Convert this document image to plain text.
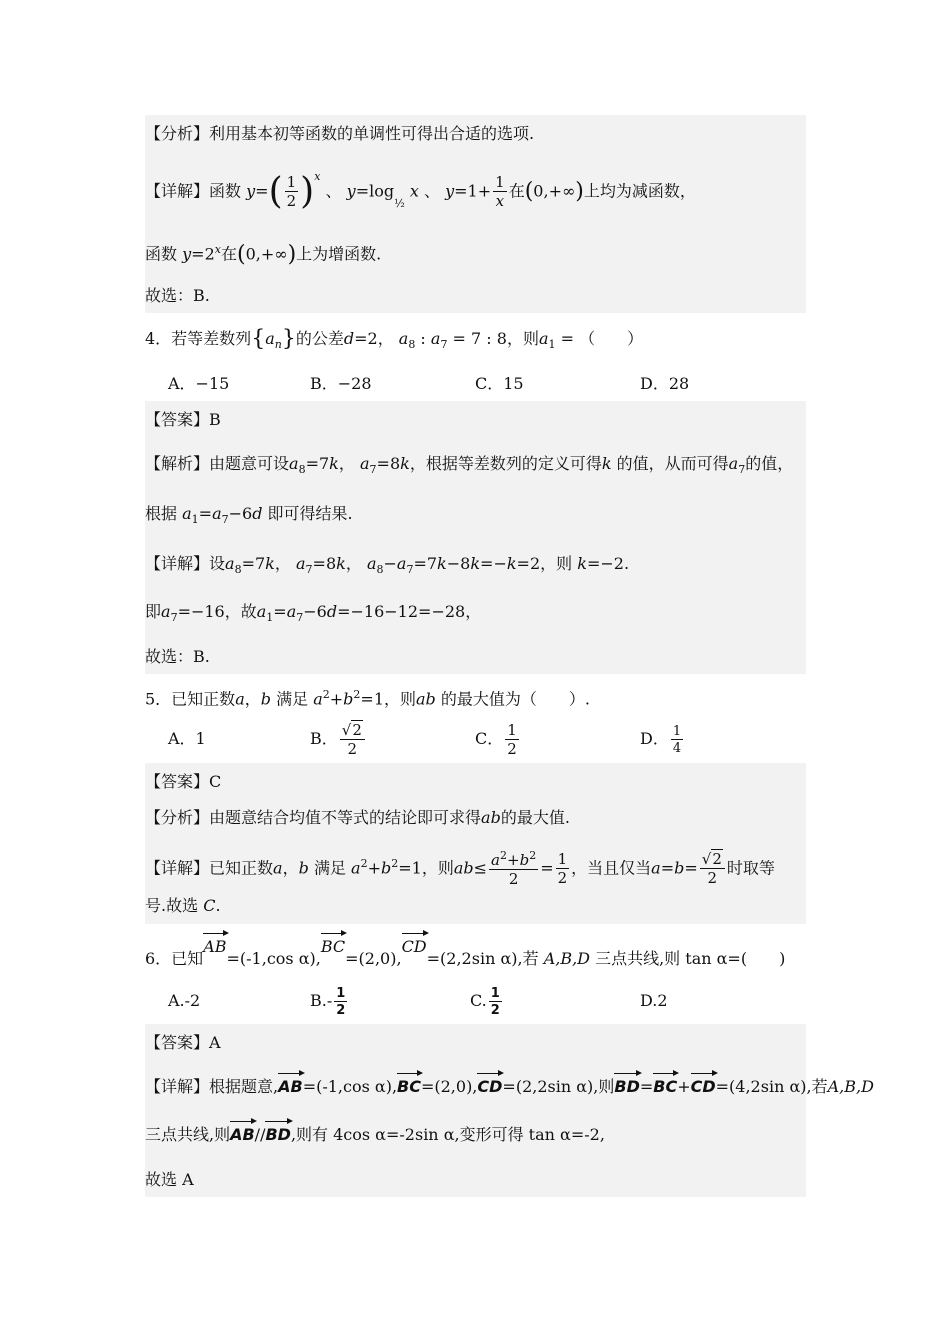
【分析】利用基本初等函数的单调性可得出合适的选项.
【详解】函数 $y=( \frac{1}{2} )^x$ 、 $y=\log_{\frac{1}{2}}$ x 、 $y=1+ \frac{1}{x}$ 在(0,+∞)上均为减函数，
函数 $y=2^x$在(0,+∞)上为增函数.
故选：B.
4．若等差数列$\{a_n\}$的公差d=2， $a_8$ : $a_7 = 7$ : 8，则$a_1$ = （　　）
A．−15	B．−28	C．15	D．28
【答案】B
【解析】由题意可设$a_8=7k$， $a_7=8k$，根据等差数列的定义可得k 的值，从而可得$a_7$的值，
根据 $a_1=a_7-6d$ 即可得结果.
【详解】设$a_8=7k$， $a_7=8k$， $a_8-a_7=7k-8k=-k=2$，则 k=−2.
即$a_7=-16$，故$a_1=a_7-6d=-16-12=-28$，
故选：B.
5．已知正数a，b 满足 $a^2+b^2=1$，则ab 的最大值为（　　）.
A．1	B． $\frac{√2}{2}$	C． $\frac{1}{2}$	D． $\frac{1}{4}$
【答案】C
【分析】由题意结合均值不等式的结论即可求得ab的最大值.
【详解】已知正数a，b 满足 $a^2+b^2=1$，则$ab\le \frac{a^2+b^2}{2} = \frac{1}{2}$ ，当且仅当$a=b= \frac{√2}{2}$ 时取等
号.故选 C.
6．已知AB=(-1,cos α),BC=(2,0),CD=(2,2sin α),若 A,B,D 三点共线,则 tan α=(　　)
A.-2	$B.- \frac{1}{2}$	C. $\frac{1}{2}$	D.2
【答案】A
【详解】根据题意,AB=(-1,cos α),BC=(2,0),CD=(2,2sin α),则BD=BC+CD=(4,2sin α),若A,B,D
三点共线,则AB//BD,则有 4cos α=-2sin α,变形可得 tan α=-2,
故选 A
